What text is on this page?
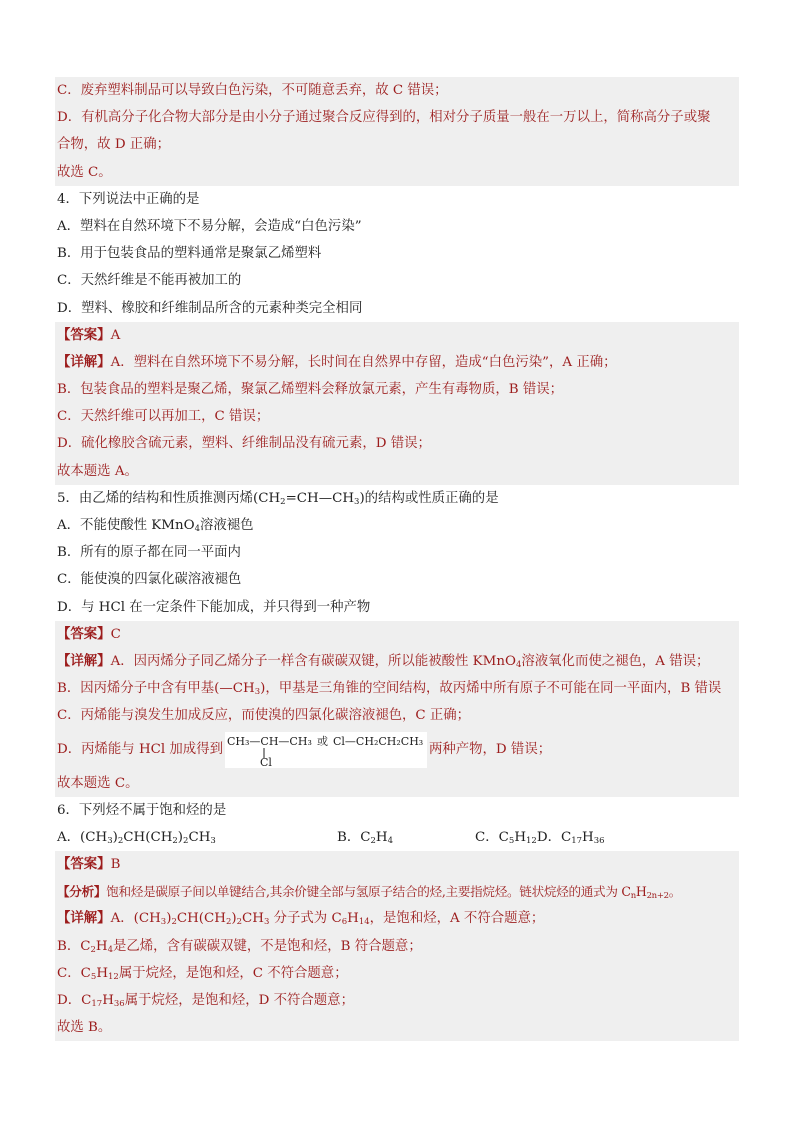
C．废弃塑料制品可以导致白色污染，不可随意丢弃，故 C 错误；
D．有机高分子化合物大部分是由小分子通过聚合反应得到的，相对分子质量一般在一万以上，简称高分子或聚
合物，故 D 正确；
故选 C。
4．下列说法中正确的是
A．塑料在自然环境下不易分解，会造成“白色污染”
B．用于包装食品的塑料通常是聚氯乙烯塑料
C．天然纤维是不能再被加工的
D．塑料、橡胶和纤维制品所含的元素种类完全相同
【答案】A
【详解】A．塑料在自然环境下不易分解，长时间在自然界中存留，造成“白色污染”，A 正确；
B．包装食品的塑料是聚乙烯，聚氯乙烯塑料会释放氯元素，产生有毒物质，B 错误；
C．天然纤维可以再加工，C 错误；
D．硫化橡胶含硫元素，塑料、纤维制品没有硫元素，D 错误；
故本题选 A。
5．由乙烯的结构和性质推测丙烯$(CH_2=CH—CH_3)$的结构或性质正确的是
A．不能使酸性 KMnO$_4$溶液褪色
B．所有的原子都在同一平面内
C．能使溴的四氯化碳溶液褪色
D．与 HCl 在一定条件下能加成，并只得到一种产物
【答案】C
【详解】A．因丙烯分子同乙烯分子一样含有碳碳双键，所以能被酸性 KMnO$_4$溶液氧化而使之褪色，A 错误；
B．因丙烯分子中含有甲基$(—CH_3)$，甲基是三角锥的空间结构，故丙烯中所有原子不可能在同一平面内，B 错误
C．丙烯能与溴发生加成反应，而使溴的四氯化碳溶液褪色，C 正确；
D．丙烯能与 HCl 加成得到
CH₃—CH—CH₃
Cl
或 Cl—CH₂CH₂CH₃
两种产物，D 错误；
故本题选 C。
6．下列烃不属于饱和烃的是
A．$(CH_3)_2CH(CH_2)_2CH_3$	B．$C_2H_4$	C．$C_5H_{12}$ D．$C_{17}H_{36}$
【答案】B
【分析】饱和烃是碳原子间以单键结合,其余价键全部与氢原子结合的烃,主要指烷烃。链状烷烃的通式为 $C_nH_{2n+2}$。
【详解】A．$(CH_3)_2CH(CH_2)_2CH_3$ 分子式为 $C_6H_{14}$，是饱和烃，A 不符合题意；
B．$C_2H_4$是乙烯，含有碳碳双键，不是饱和烃，B 符合题意；
C．$C_5H_{12}$属于烷烃，是饱和烃，C 不符合题意；
D．$C_{17}H_{36}$属于烷烃，是饱和烃，D 不符合题意；
故选 B。
